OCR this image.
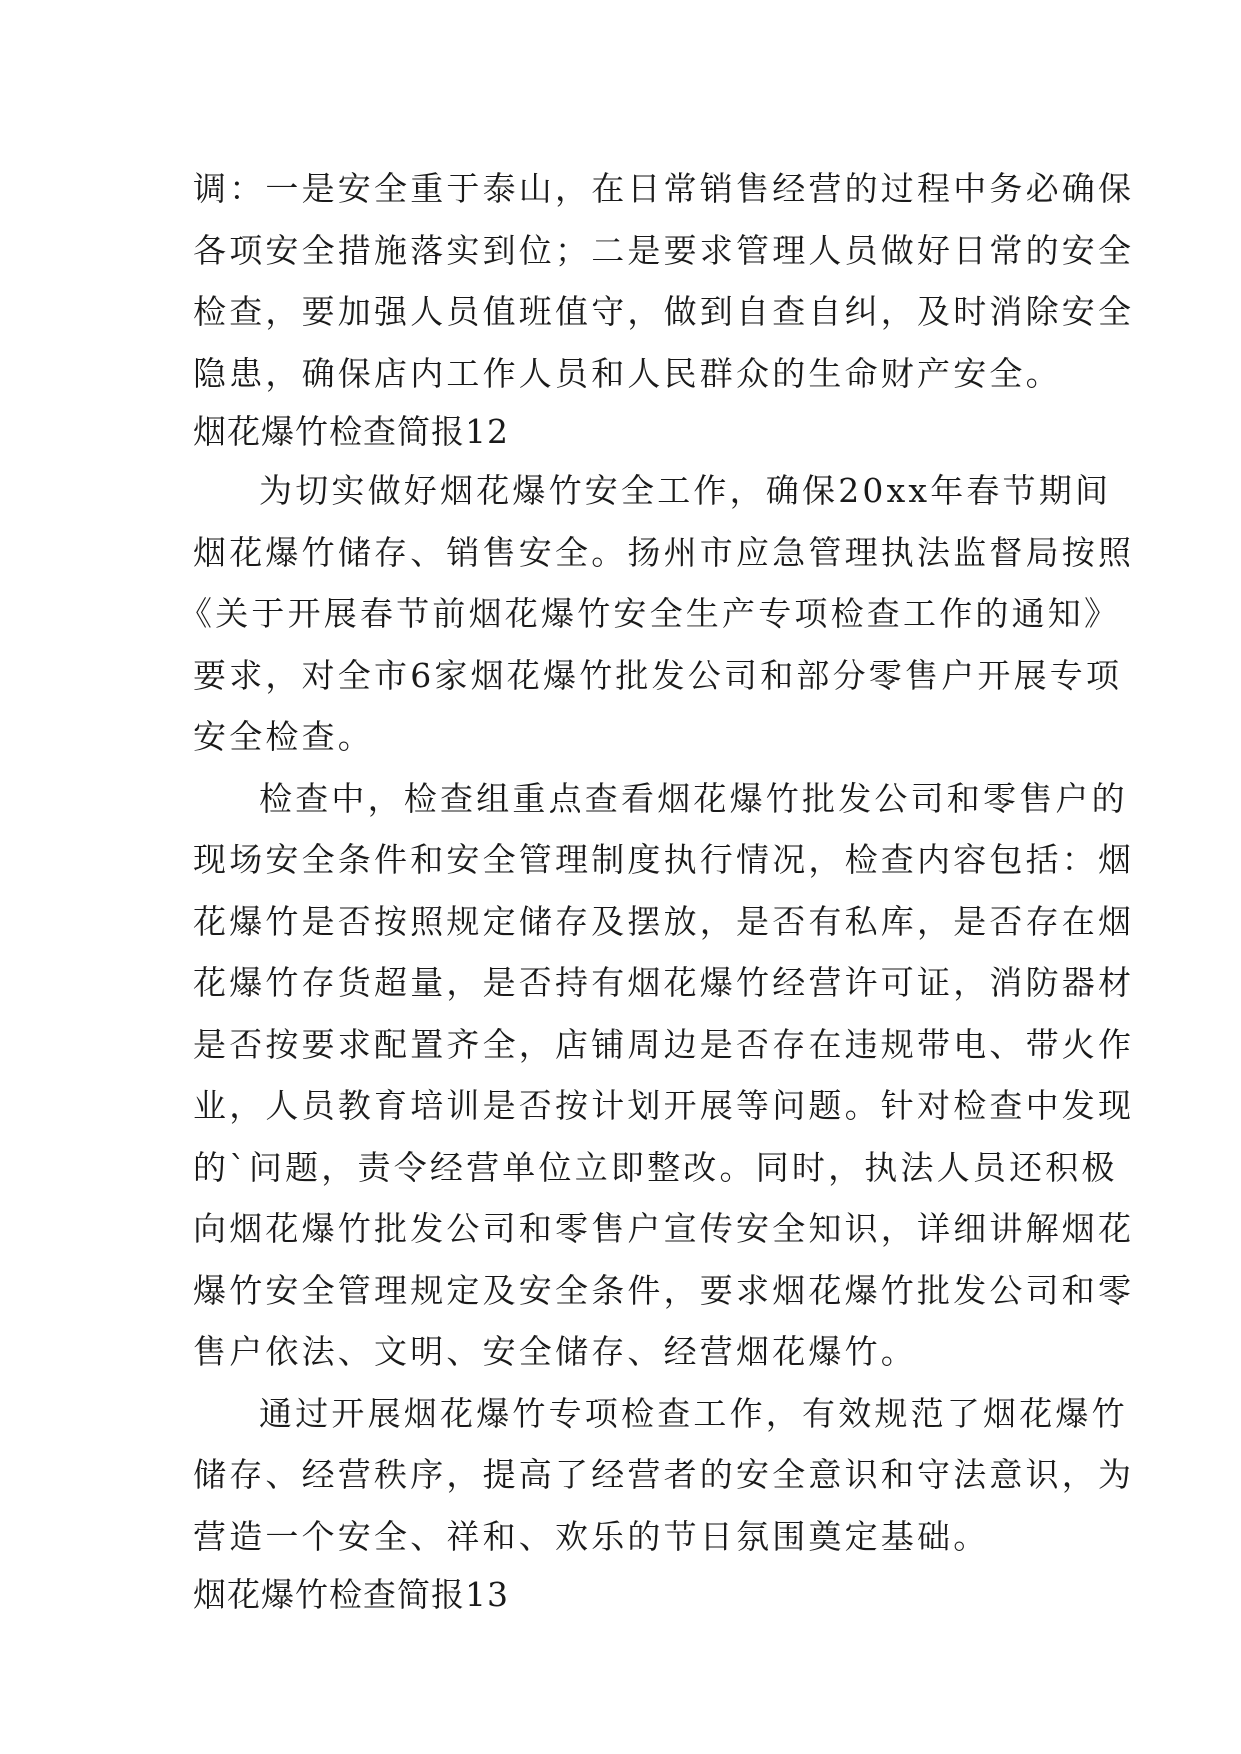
调：一是安全重于泰山，在日常销售经营的过程中务必确保
各项安全措施落实到位；二是要求管理人员做好日常的安全
检查，要加强人员值班值守，做到自查自纠，及时消除安全
隐患，确保店内工作人员和人民群众的生命财产安全。

烟花爆竹检查简报12

为切实做好烟花爆竹安全工作，确保20xx年春节期间
烟花爆竹储存、销售安全。扬州市应急管理执法监督局按照
《关于开展春节前烟花爆竹安全生产专项检查工作的通知》
要求，对全市6家烟花爆竹批发公司和部分零售户开展专项
安全检查。

检查中，检查组重点查看烟花爆竹批发公司和零售户的
现场安全条件和安全管理制度执行情况，检查内容包括：烟
花爆竹是否按照规定储存及摆放，是否有私库，是否存在烟
花爆竹存货超量，是否持有烟花爆竹经营许可证，消防器材
是否按要求配置齐全，店铺周边是否存在违规带电、带火作
业，人员教育培训是否按计划开展等问题。针对检查中发现
的`问题，责令经营单位立即整改。同时，执法人员还积极
向烟花爆竹批发公司和零售户宣传安全知识，详细讲解烟花
爆竹安全管理规定及安全条件，要求烟花爆竹批发公司和零
售户依法、文明、安全储存、经营烟花爆竹。

通过开展烟花爆竹专项检查工作，有效规范了烟花爆竹
储存、经营秩序，提高了经营者的安全意识和守法意识，为
营造一个安全、祥和、欢乐的节日氛围奠定基础。

烟花爆竹检查简报13
